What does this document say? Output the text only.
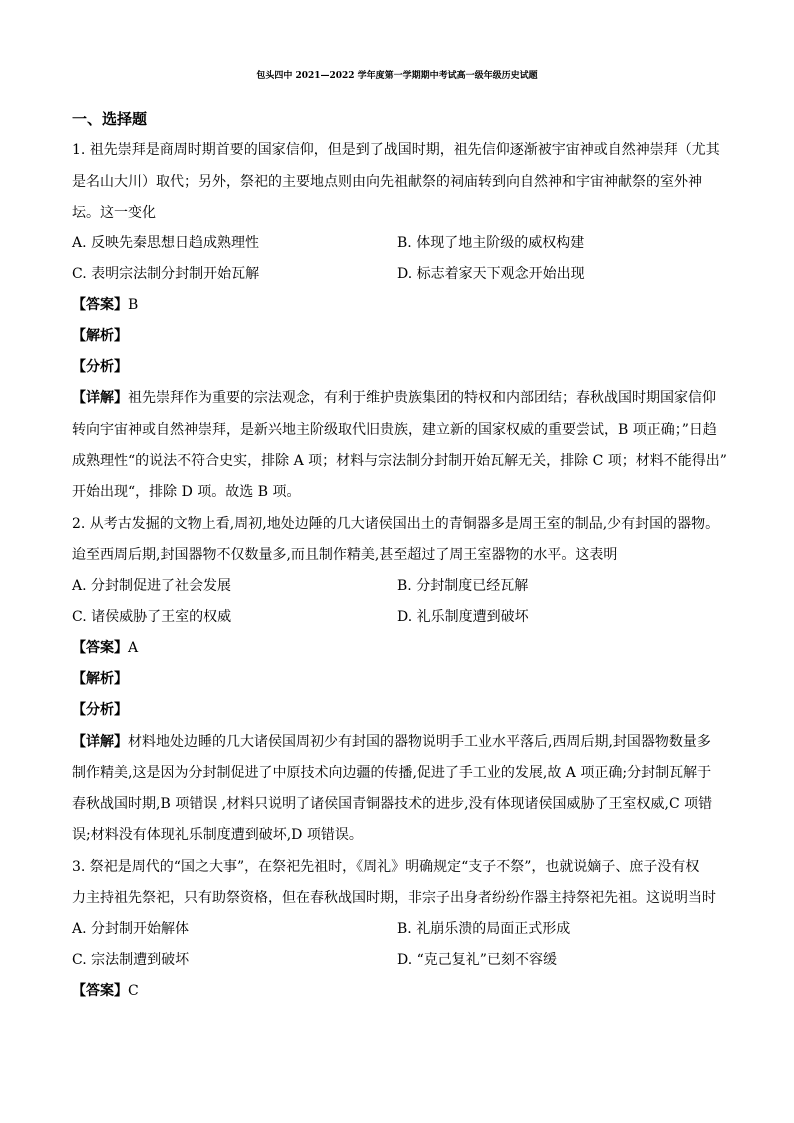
包头四中 2021—2022 学年度第一学期期中考试高一级年级历史试题
一、选择题
1. 祖先崇拜是商周时期首要的国家信仰，但是到了战国时期，祖先信仰逐渐被宇宙神或自然神崇拜（尤其
是名山大川）取代；另外，祭祀的主要地点则由向先祖献祭的祠庙转到向自然神和宇宙神献祭的室外神
坛。这一变化
A. 反映先秦思想日趋成熟理性	B. 体现了地主阶级的威权构建
C. 表明宗法制分封制开始瓦解	D. 标志着家天下观念开始出现
【答案】B
【解析】
【分析】
【详解】祖先崇拜作为重要的宗法观念，有利于维护贵族集团的特权和内部团结；春秋战国时期国家信仰
转向宇宙神或自然神崇拜，是新兴地主阶级取代旧贵族，建立新的国家权威的重要尝试，B 项正确；”日趋
成熟理性“的说法不符合史实，排除 A 项；材料与宗法制分封制开始瓦解无关，排除 C 项；材料不能得出”
开始出现“，排除 D 项。故选 B 项。
2. 从考古发掘的文物上看,周初,地处边陲的几大诸侯国出土的青铜器多是周王室的制品,少有封国的器物。
迨至西周后期,封国器物不仅数量多,而且制作精美,甚至超过了周王室器物的水平。这表明
A. 分封制促进了社会发展	B. 分封制度已经瓦解
C. 诸侯威胁了王室的权威	D. 礼乐制度遭到破坏
【答案】A
【解析】
【分析】
【详解】材料地处边睡的几大诸侯国周初少有封国的器物说明手工业水平落后,西周后期,封国器物数量多
制作精美,这是因为分封制促进了中原技术向边疆的传播,促进了手工业的发展,故 A 项正确;分封制瓦解于
春秋战国时期,B 项错误 ,材料只说明了诸侯国青铜器技术的进步,没有体现诸侯国威胁了王室权威,C 项错
误;材料没有体现礼乐制度遭到破坏,D 项错误。
3. 祭祀是周代的“国之大事”，在祭祀先祖时，《周礼》明确规定“支子不祭”，也就说嫡子、庶子没有权
力主持祖先祭祀，只有助祭资格，但在春秋战国时期，非宗子出身者纷纷作器主持祭祀先祖。这说明当时
A. 分封制开始解体	B. 礼崩乐溃的局面正式形成
C. 宗法制遭到破坏	D. “克己复礼”已刻不容缓
【答案】C
